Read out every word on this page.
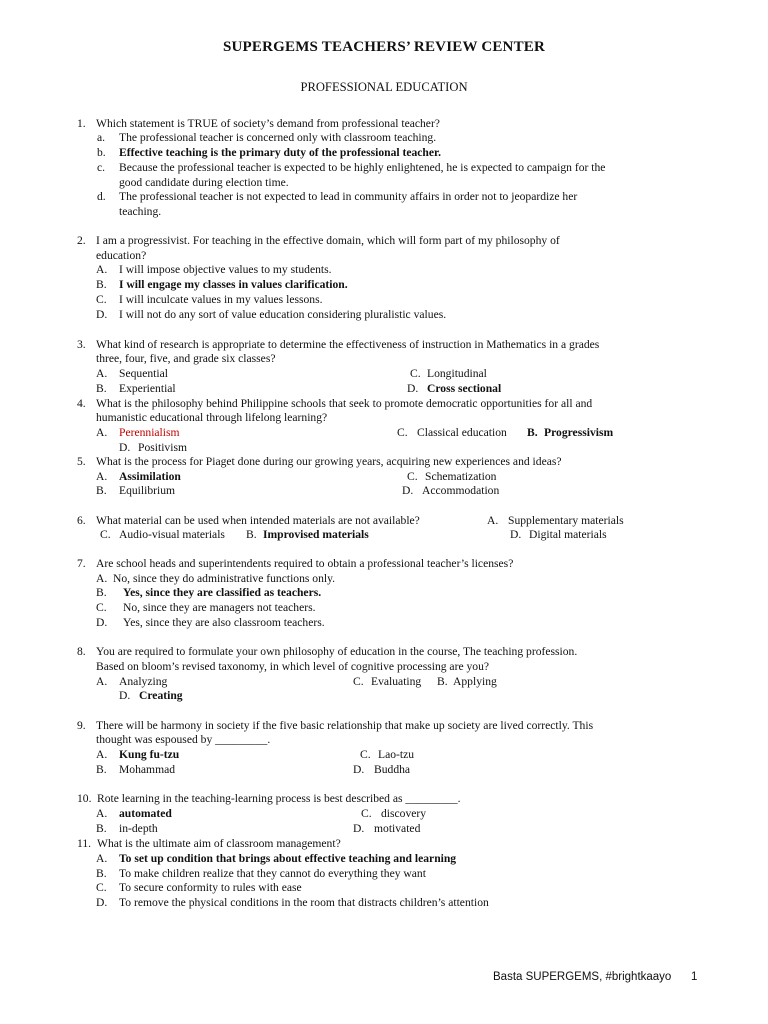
SUPERGEMS TEACHERS’ REVIEW CENTER
PROFESSIONAL EDUCATION
1. Which statement is TRUE of society’s demand from professional teacher?
a. The professional teacher is concerned only with classroom teaching.
b. Effective teaching is the primary duty of the professional teacher.
c. Because the professional teacher is expected to be highly enlightened, he is expected to campaign for the
good candidate during election time.
d. The professional teacher is not expected to lead in community affairs in order not to jeopardize her
teaching.
2. I am a progressivist. For teaching in the effective domain, which will form part of my philosophy of
education?
A. I will impose objective values to my students.
B. I will engage my classes in values clarification.
C. I will inculcate values in my values lessons.
D. I will not do any sort of value education considering pluralistic values.
3. What kind of research is appropriate to determine the effectiveness of instruction in Mathematics in a grades
three, four, five, and grade six classes?
A. Sequential	C. Longitudinal
B. Experiential	D. Cross sectional
4. What is the philosophy behind Philippine schools that seek to promote democratic opportunities for all and
humanistic educational through lifelong learning?
A. Perennialism	C. Classical education B. Progressivism
D. Positivism
5. What is the process for Piaget done during our growing years, acquiring new experiences and ideas?
A. Assimilation	C. Schematization
B. Equilibrium	D. Accommodation
6. What material can be used when intended materials are not available?	A. Supplementary materials
C. Audio-visual materials B. Improvised materials	D. Digital materials
7. Are school heads and superintendents required to obtain a professional teacher’s licenses?
A. No, since they do administrative functions only.
B. Yes, since they are classified as teachers.
C. No, since they are managers not teachers.
D. Yes, since they are also classroom teachers.
8. You are required to formulate your own philosophy of education in the course, The teaching profession.
Based on bloom’s revised taxonomy, in which level of cognitive processing are you?
A. Analyzing	C. Evaluating B. Applying
D. Creating
9. There will be harmony in society if the five basic relationship that make up society are lived correctly. This
thought was espoused by _________.
A. Kung fu-tzu	C. Lao-tzu
B. Mohammad	D. Buddha
10. Rote learning in the teaching-learning process is best described as _________.
A. automated	C. discovery
B. in-depth	D. motivated
11. What is the ultimate aim of classroom management?
A. To set up condition that brings about effective teaching and learning
B. To make children realize that they cannot do everything they want
C. To secure conformity to rules with ease
D. To remove the physical conditions in the room that distracts children’s attention
Basta SUPERGEMS, #brightkaayo 1
